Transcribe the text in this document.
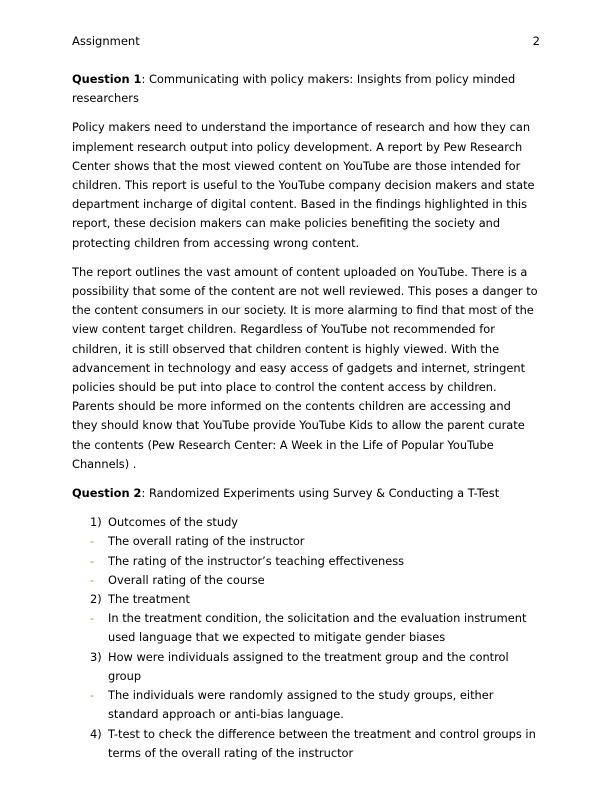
Assignment	2

Question 1: Communicating with policy makers: Insights from policy minded researchers

Policy makers need to understand the importance of research and how they can implement research output into policy development. A report by Pew Research Center shows that the most viewed content on YouTube are those intended for children. This report is useful to the YouTube company decision makers and state department incharge of digital content. Based in the findings highlighted in this report, these decision makers can make policies benefiting the society and protecting children from accessing wrong content.

The report outlines the vast amount of content uploaded on YouTube. There is a possibility that some of the content are not well reviewed. This poses a danger to the content consumers in our society. It is more alarming to find that most of the view content target children. Regardless of YouTube not recommended for children, it is still observed that children content is highly viewed. With the advancement in technology and easy access of gadgets and internet, stringent policies should be put into place to control the content access by children. Parents should be more informed on the contents children are accessing and they should know that YouTube provide YouTube Kids to allow the parent curate the contents (Pew Research Center: A Week in the Life of Popular YouTube Channels) .

Question 2: Randomized Experiments using Survey & Conducting a T-Test

1) Outcomes of the study
- The overall rating of the instructor
- The rating of the instructor’s teaching effectiveness
- Overall rating of the course
2) The treatment
- In the treatment condition, the solicitation and the evaluation instrument used language that we expected to mitigate gender biases
3) How were individuals assigned to the treatment group and the control group
- The individuals were randomly assigned to the study groups, either standard approach or anti-bias language.
4) T-test to check the difference between the treatment and control groups in terms of the overall rating of the instructor
